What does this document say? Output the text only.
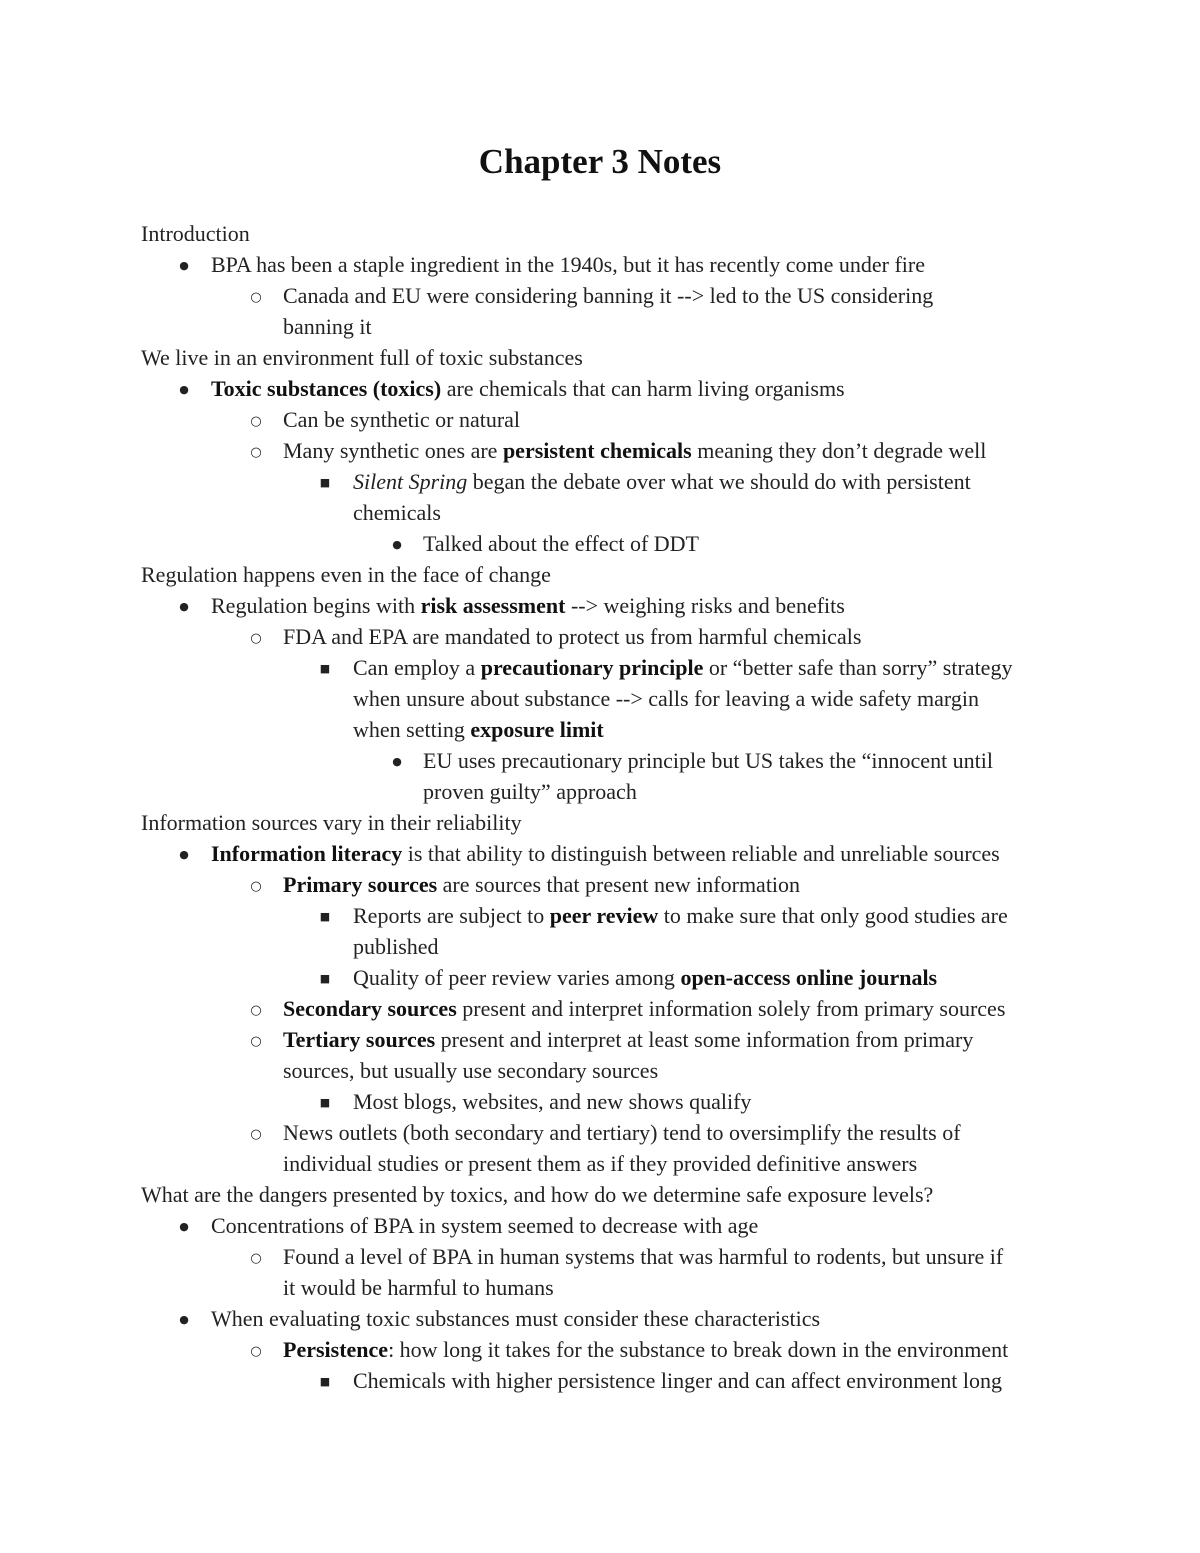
Chapter 3 Notes
Introduction
●
BPA has been a staple ingredient in the 1940s, but it has recently come under fire
○
Canada and EU were considering banning it --> led to the US considering
banning it
We live in an environment full of toxic substances
●
Toxic substances (toxics) are chemicals that can harm living organisms
○
Can be synthetic or natural
○
Many synthetic ones are persistent chemicals meaning they don’t degrade well
■
Silent Spring began the debate over what we should do with persistent
chemicals
●
Talked about the effect of DDT
Regulation happens even in the face of change
●
Regulation begins with risk assessment --> weighing risks and benefits
○
FDA and EPA are mandated to protect us from harmful chemicals
■
Can employ a precautionary principle or “better safe than sorry” strategy
when unsure about substance --> calls for leaving a wide safety margin
when setting exposure limit
●
EU uses precautionary principle but US takes the “innocent until
proven guilty” approach
Information sources vary in their reliability
●
Information literacy is that ability to distinguish between reliable and unreliable sources
○
Primary sources are sources that present new information
■
Reports are subject to peer review to make sure that only good studies are
published
■
Quality of peer review varies among open-access online journals
○
Secondary sources present and interpret information solely from primary sources
○
Tertiary sources present and interpret at least some information from primary
sources, but usually use secondary sources
■
Most blogs, websites, and new shows qualify
○
News outlets (both secondary and tertiary) tend to oversimplify the results of
individual studies or present them as if they provided definitive answers
What are the dangers presented by toxics, and how do we determine safe exposure levels?
●
Concentrations of BPA in system seemed to decrease with age
○
Found a level of BPA in human systems that was harmful to rodents, but unsure if
it would be harmful to humans
●
When evaluating toxic substances must consider these characteristics
○
Persistence: how long it takes for the substance to break down in the environment
■
Chemicals with higher persistence linger and can affect environment long
